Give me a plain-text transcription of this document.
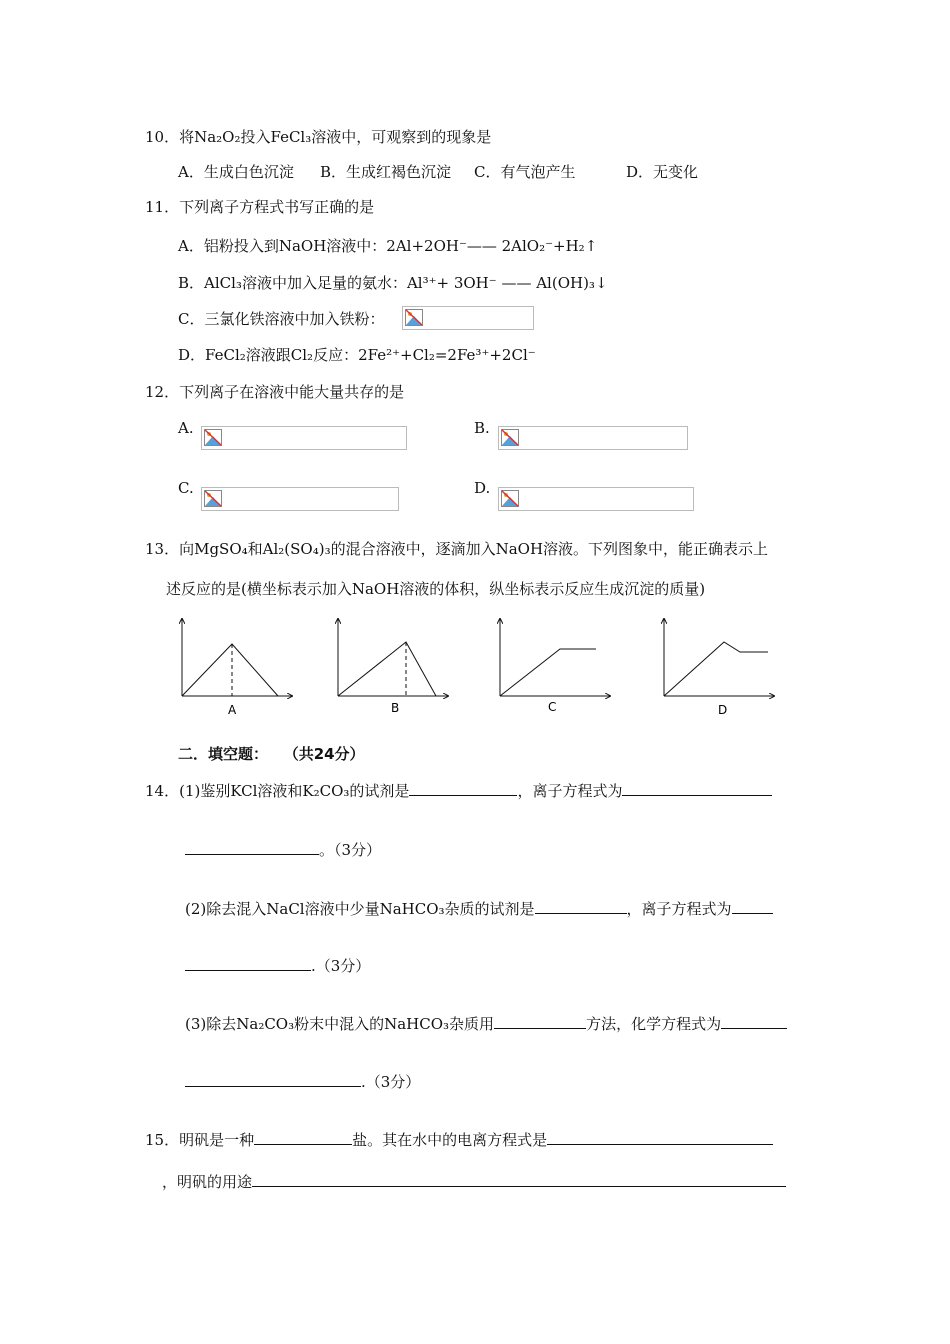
10．将Na₂O₂投入FeCl₃溶液中，可观察到的现象是
A．生成白色沉淀 B．生成红褐色沉淀 C．有气泡产生	D．无变化
11．下列离子方程式书写正确的是
A．铝粉投入到NaOH溶液中：2Al+2OH⁻—— 2AlO₂⁻+H₂↑
B．AlCl₃溶液中加入足量的氨水：Al³⁺+ 3OH⁻ —— Al(OH)₃↓
C．三氯化铁溶液中加入铁粉：
D．FeCl₂溶液跟Cl₂反应：2Fe²⁺+Cl₂=2Fe³⁺+2Cl⁻
12．下列离子在溶液中能大量共存的是
A.	B.
C.	D.
13．向MgSO₄和Al₂(SO₄)₃的混合溶液中，逐滴加入NaOH溶液。下列图象中，能正确表示上
述反应的是(横坐标表示加入NaOH溶液的体积，纵坐标表示反应生成沉淀的质量)
A	B	C	D
二．填空题： （共24分）
14．(1)鉴别KCl溶液和K₂CO₃的试剂是	，离子方程式为
。（3分）
(2)除去混入NaCl溶液中少量NaHCO₃杂质的试剂是	，离子方程式为
.（3分）
(3)除去Na₂CO₃粉末中混入的NaHCO₃杂质用	方法，化学方程式为
.（3分）
15．明矾是一种	盐。其在水中的电离方程式是
，明矾的用途
